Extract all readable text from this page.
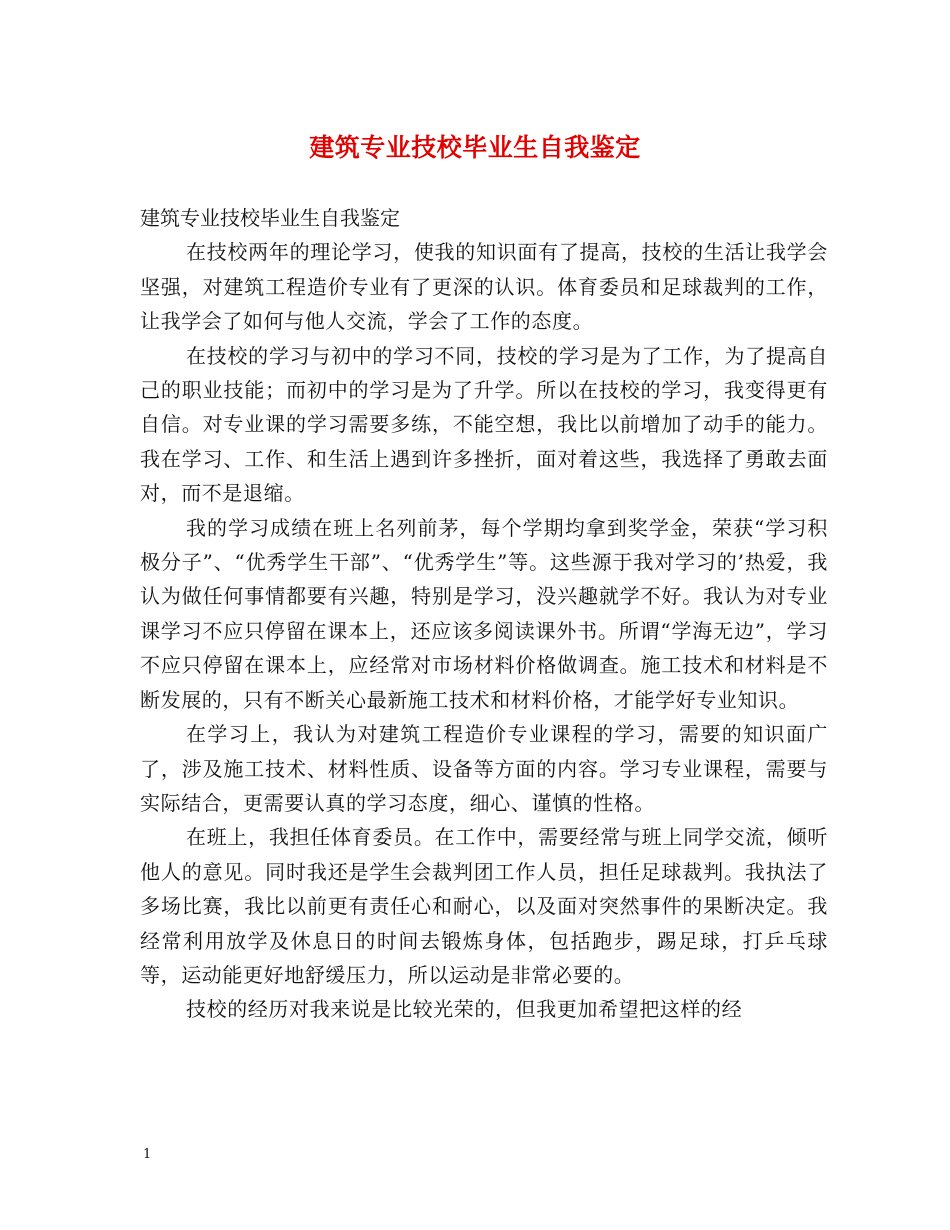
建筑专业技校毕业生自我鉴定

建筑专业技校毕业生自我鉴定

在技校两年的理论学习，使我的知识面有了提高，技校的生活让我学会坚强，对建筑工程造价专业有了更深的认识。体育委员和足球裁判的工作，让我学会了如何与他人交流，学会了工作的态度。

在技校的学习与初中的学习不同，技校的学习是为了工作，为了提高自己的职业技能；而初中的学习是为了升学。所以在技校的学习，我变得更有自信。对专业课的学习需要多练，不能空想，我比以前增加了动手的能力。我在学习、工作、和生活上遇到许多挫折，面对着这些，我选择了勇敢去面对，而不是退缩。

我的学习成绩在班上名列前茅，每个学期均拿到奖学金，荣获“学习积极分子”、“优秀学生干部”、“优秀学生”等。这些源于我对学习的’热爱，我认为做任何事情都要有兴趣，特别是学习，没兴趣就学不好。我认为对专业课学习不应只停留在课本上，还应该多阅读课外书。所谓“学海无边”，学习不应只停留在课本上，应经常对市场材料价格做调查。施工技术和材料是不断发展的，只有不断关心最新施工技术和材料价格，才能学好专业知识。

在学习上，我认为对建筑工程造价专业课程的学习，需要的知识面广了，涉及施工技术、材料性质、设备等方面的内容。学习专业课程，需要与实际结合，更需要认真的学习态度，细心、谨慎的性格。

在班上，我担任体育委员。在工作中，需要经常与班上同学交流，倾听他人的意见。同时我还是学生会裁判团工作人员，担任足球裁判。我执法了多场比赛，我比以前更有责任心和耐心，以及面对突然事件的果断决定。我经常利用放学及休息日的时间去锻炼身体，包括跑步，踢足球，打乒乓球等，运动能更好地舒缓压力，所以运动是非常必要的。

技校的经历对我来说是比较光荣的，但我更加希望把这样的经

1
